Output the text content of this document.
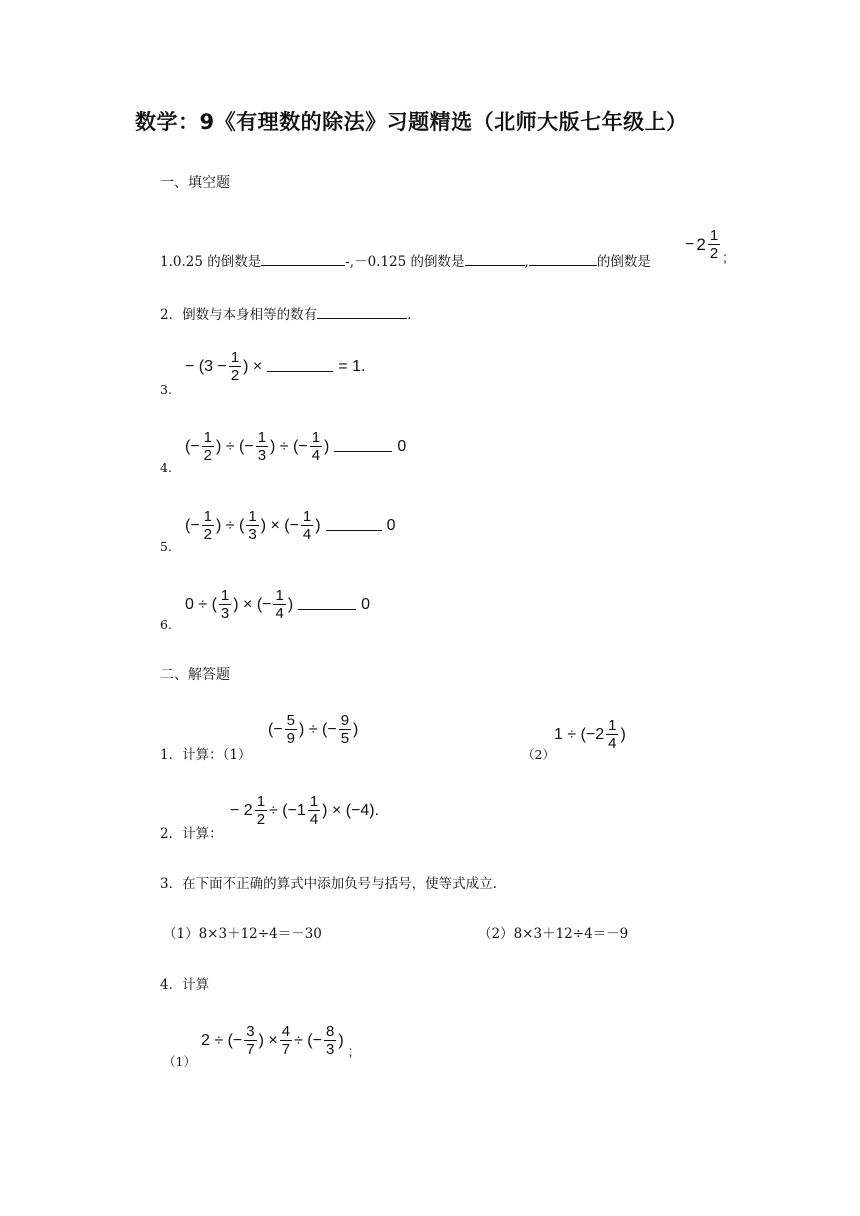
数学：9《有理数的除法》习题精选（北师大版七年级上）
一、填空题
1.0.25 的倒数是	-,－0.125 的倒数是	,	的倒数是
− $2 \frac{1}{2}$ ;
2．倒数与本身相等的数有	.
3.
− ($3 - \frac{1}{2}$ ) ×	= 1.
4.
(− $\frac{1}{2}$ ) ÷ (− $\frac{1}{3}$ ) ÷ (− $\frac{1}{4}$ )	0
5.
(− $\frac{1}{2}$ ) ÷ ( $\frac{1}{3}$ ) × (− $\frac{1}{4}$ )	0
6.
0 ÷ ( $\frac{1}{3}$ ) × (− $\frac{1}{4}$ )	0
二、解答题
1．计算：（1）
(− $\frac{5}{9}$ ) ÷ (− $\frac{9}{5}$ )
（2）
$1 \div (-2 \frac{1}{4}$ )
2．计算：
− $2 \frac{1}{2} \div (-1 \frac{1}{4}$ ) × (−4).
3．在下面不正确的算式中添加负号与括号，使等式成立.
（1）8×3＋12÷4＝－30	（2）8×3＋12÷4＝－9
4．计算
（1）
2 ÷ (− $\frac{3}{7}$ ) × $\frac{4}{7}$ ÷ (− $\frac{8}{3}$ )
;
